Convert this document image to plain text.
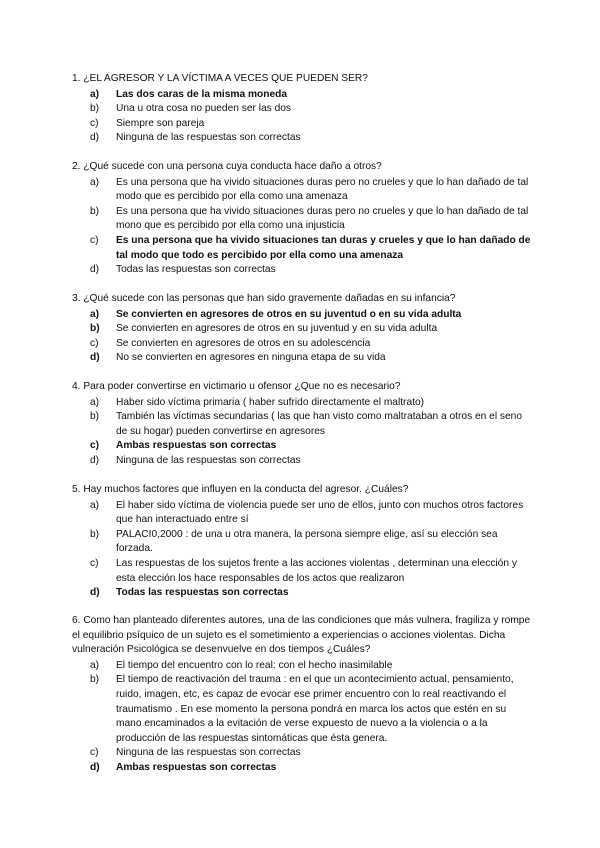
1. ¿EL AGRESOR Y LA VÍCTIMA A VECES QUE PUEDEN SER?
a)	Las dos caras de la misma moneda
b)	Una u otra cosa no pueden ser las dos
c)	Siempre son pareja
d)	Ninguna de las respuestas son correctas
2. ¿Qué sucede con una persona cuya conducta hace daño a otros?
a)	Es una persona que ha vivido situaciones duras pero no crueles y que lo han dañado de tal modo que es percibido por ella como una amenaza
b)	Es una persona que ha vivido situaciones duras pero no crueles y que lo han dañado de tal mono que es percibido por ella como una injusticia
c)	Es una persona que ha vivido situaciones tan duras y crueles y que lo han dañado de tal modo que todo es percibido por ella como una amenaza
d)	Todas las respuestas son correctas
3. ¿Qué sucede con las personas que han sido gravemente dañadas en su infancia?
a)	Se convierten en agresores de otros en su juventud o en su vida adulta
b)	Se convierten en agresores de otros en su juventud y en su vida adulta
c)	Se convierten en agresores de otros en su adolescencia
d)	No se convierten en agresores en ninguna etapa de su vida
4. Para poder convertirse en victimario u ofensor ¿Que no es necesario?
a)	Haber sido víctima primaria ( haber sufrido directamente el maltrato)
b)	También las víctimas secundarias ( las que han visto como maltrataban a otros en el seno de su hogar) pueden convertirse en agresores
c)	Ambas respuestas son correctas
d)	Ninguna de las respuestas son correctas
5. Hay muchos factores que influyen en la conducta del agresor. ¿Cuáles?
a)	El haber sido víctima de violencia puede ser uno de ellos, junto con muchos otros factores que han interactuado entre sí
b)	PALACI0,2000 : de una u otra manera, la persona siempre elige, así su elección sea forzada.
c)	Las respuestas de los sujetos frente a las acciones violentas , determinan una elección y esta elección los hace responsables de los actos que realizaron
d)	Todas las respuestas son correctas
6. Como han planteado diferentes autores, una de las condiciones que más vulnera, fragiliza y rompe el equilibrio psíquico de un sujeto es el sometimiento a experiencias o acciones violentas. Dicha vulneración Psicológica se desenvuelve en dos tiempos ¿Cuáles?
a)	El tiempo del encuentro con lo real: con el hecho inasimilable
b)	El tiempo de reactivación del trauma : en el que un acontecimiento actual, pensamiento, ruido, imagen, etc, es capaz de evocar ese primer encuentro con lo real reactivando el traumatismo . En ese momento la persona pondrá en marca los actos que estén en su mano encaminados a la evitación de verse expuesto de nuevo a la violencia o a la producción de las respuestas sintomáticas que ésta genera.
c)	Ninguna de las respuestas son correctas
d)	Ambas respuestas son correctas
